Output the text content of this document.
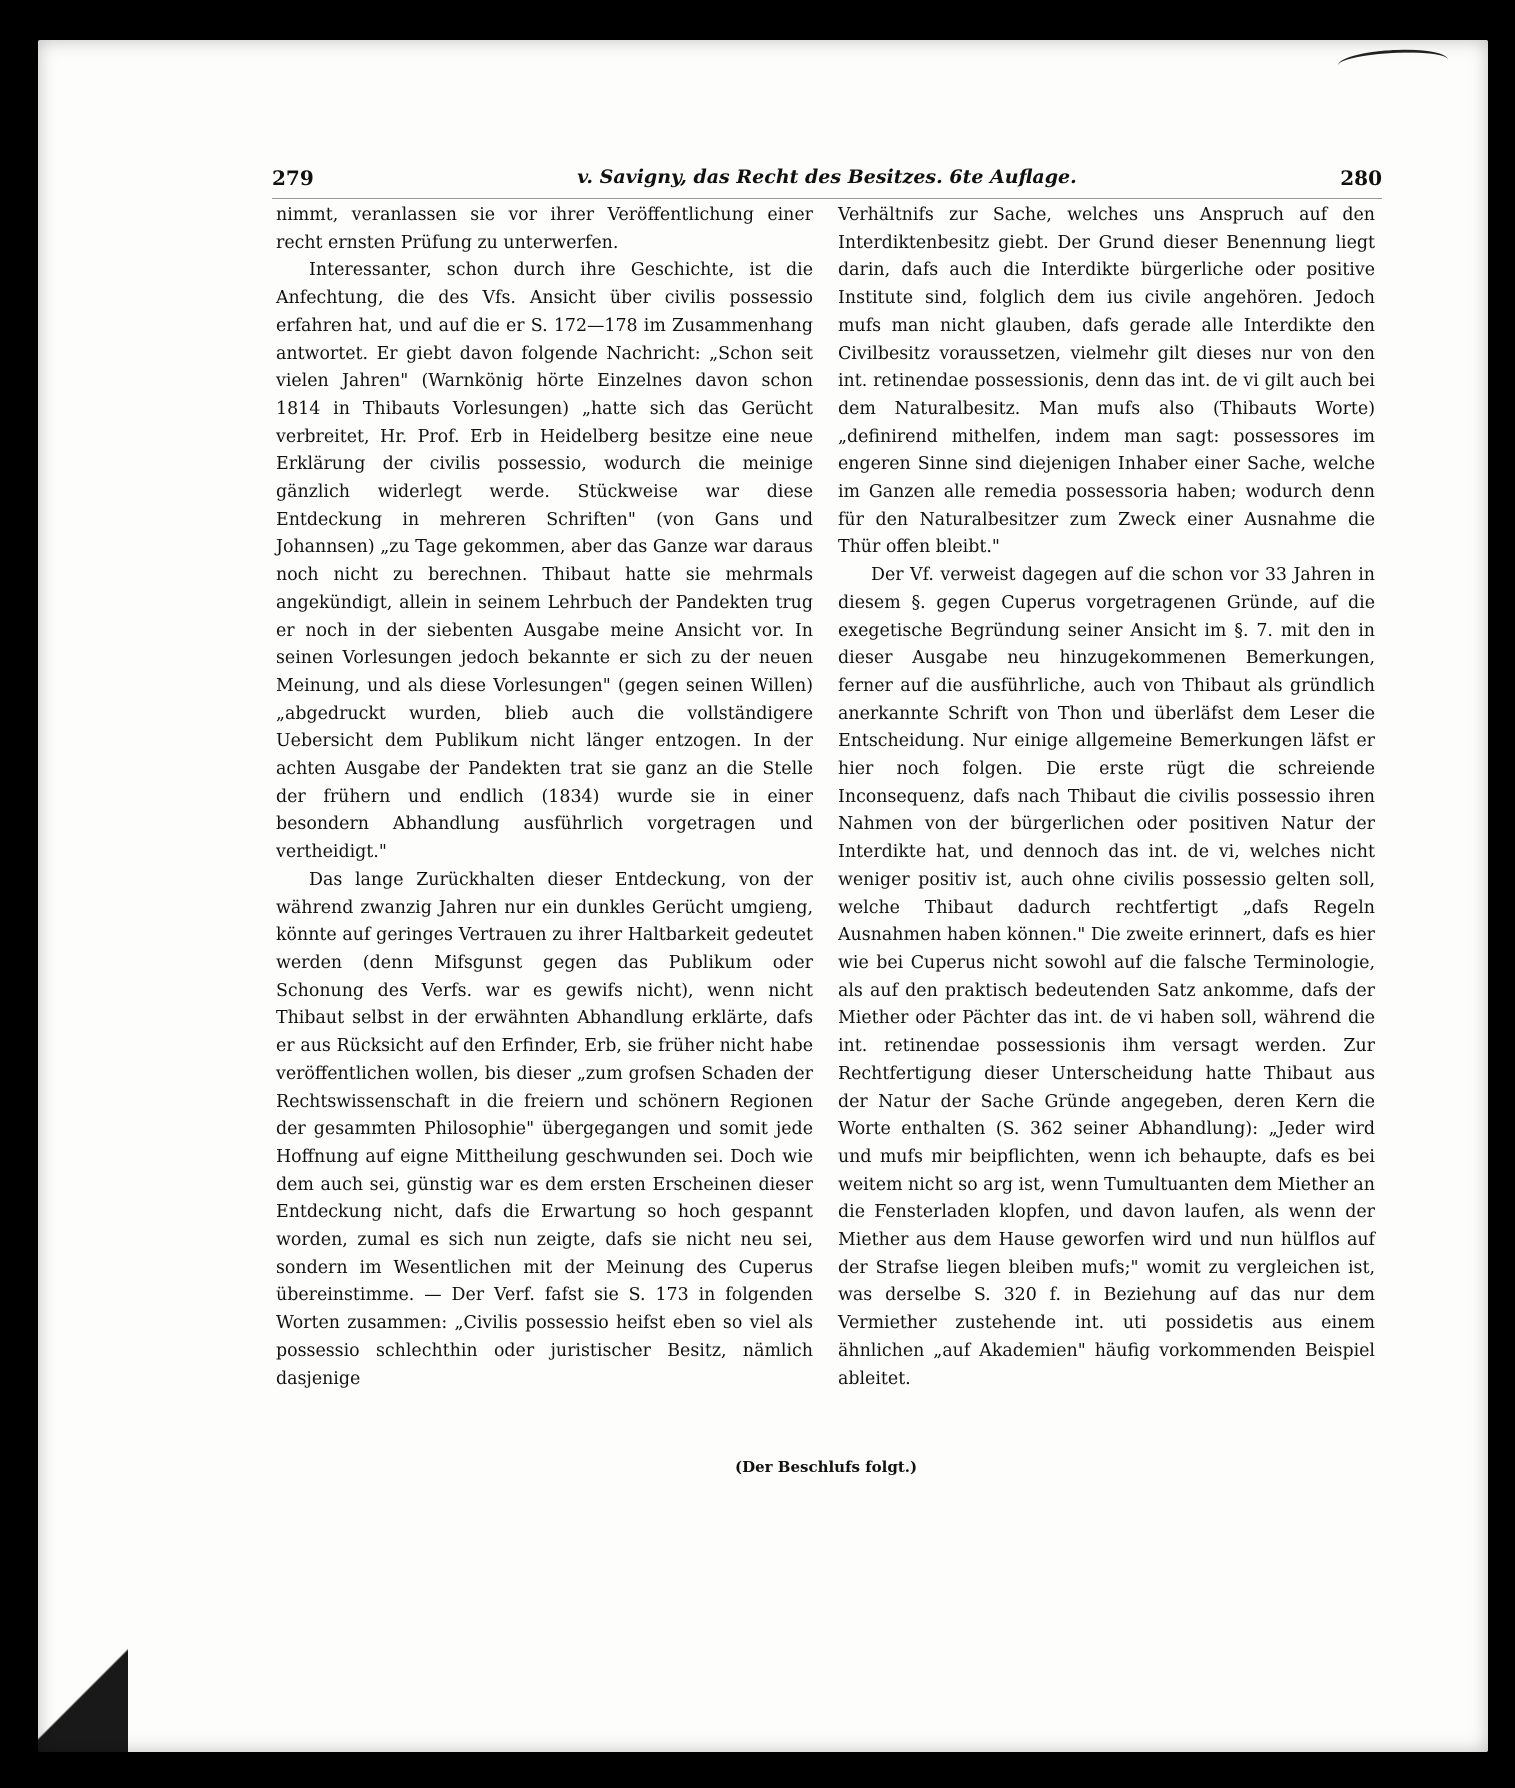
279	v. Savigny, das Recht des Besitzes. 6te Auflage.	280

nimmt, veranlassen sie vor ihrer Veröffentlichung einer recht ernsten Prüfung zu unterwerfen.

Interessanter, schon durch ihre Geschichte, ist die Anfechtung, die des Vfs. Ansicht über civilis possessio erfahren hat, und auf die er S. 172—178 im Zusammenhang antwortet. Er giebt davon folgende Nachricht: „Schon seit vielen Jahren" (Warnkönig hörte Einzelnes davon schon 1814 in Thibauts Vorlesungen) „hatte sich das Gerücht verbreitet, Hr. Prof. Erb in Heidelberg besitze eine neue Erklärung der civilis possessio, wodurch die meinige gänzlich widerlegt werde. Stückweise war diese Entdeckung in mehreren Schriften" (von Gans und Johannsen) „zu Tage gekommen, aber das Ganze war daraus noch nicht zu berechnen. Thibaut hatte sie mehrmals angekündigt, allein in seinem Lehrbuch der Pandekten trug er noch in der siebenten Ausgabe meine Ansicht vor. In seinen Vorlesungen jedoch bekannte er sich zu der neuen Meinung, und als diese Vorlesungen" (gegen seinen Willen) „abgedruckt wurden, blieb auch die vollständigere Uebersicht dem Publikum nicht länger entzogen. In der achten Ausgabe der Pandekten trat sie ganz an die Stelle der frühern und endlich (1834) wurde sie in einer besondern Abhandlung ausführlich vorgetragen und vertheidigt."

Das lange Zurückhalten dieser Entdeckung, von der während zwanzig Jahren nur ein dunkles Gerücht umgieng, könnte auf geringes Vertrauen zu ihrer Haltbarkeit gedeutet werden (denn Mifsgunst gegen das Publikum oder Schonung des Verfs. war es gewifs nicht), wenn nicht Thibaut selbst in der erwähnten Abhandlung erklärte, dafs er aus Rücksicht auf den Erfinder, Erb, sie früher nicht habe veröffentlichen wollen, bis dieser „zum grofsen Schaden der Rechtswissenschaft in die freiern und schönern Regionen der gesammten Philosophie" übergegangen und somit jede Hoffnung auf eigne Mittheilung geschwunden sei. Doch wie dem auch sei, günstig war es dem ersten Erscheinen dieser Entdeckung nicht, dafs die Erwartung so hoch gespannt worden, zumal es sich nun zeigte, dafs sie nicht neu sei, sondern im Wesentlichen mit der Meinung des Cuperus übereinstimme. — Der Verf. fafst sie S. 173 in folgenden Worten zusammen: „Civilis possessio heifst eben so viel als possessio schlechthin oder juristischer Besitz, nämlich dasjenige

Verhältnifs zur Sache, welches uns Anspruch auf den Interdiktenbesitz giebt. Der Grund dieser Benennung liegt darin, dafs auch die Interdikte bürgerliche oder positive Institute sind, folglich dem ius civile angehören. Jedoch mufs man nicht glauben, dafs gerade alle Interdikte den Civilbesitz voraussetzen, vielmehr gilt dieses nur von den int. retinendae possessionis, denn das int. de vi gilt auch bei dem Naturalbesitz. Man mufs also (Thibauts Worte) „definirend mithelfen, indem man sagt: possessores im engeren Sinne sind diejenigen Inhaber einer Sache, welche im Ganzen alle remedia possessoria haben; wodurch denn für den Naturalbesitzer zum Zweck einer Ausnahme die Thür offen bleibt."

Der Vf. verweist dagegen auf die schon vor 33 Jahren in diesem §. gegen Cuperus vorgetragenen Gründe, auf die exegetische Begründung seiner Ansicht im §. 7. mit den in dieser Ausgabe neu hinzugekommenen Bemerkungen, ferner auf die ausführliche, auch von Thibaut als gründlich anerkannte Schrift von Thon und überläfst dem Leser die Entscheidung. Nur einige allgemeine Bemerkungen läfst er hier noch folgen. Die erste rügt die schreiende Inconsequenz, dafs nach Thibaut die civilis possessio ihren Nahmen von der bürgerlichen oder positiven Natur der Interdikte hat, und dennoch das int. de vi, welches nicht weniger positiv ist, auch ohne civilis possessio gelten soll, welche Thibaut dadurch rechtfertigt „dafs Regeln Ausnahmen haben können." Die zweite erinnert, dafs es hier wie bei Cuperus nicht sowohl auf die falsche Terminologie, als auf den praktisch bedeutenden Satz ankomme, dafs der Miether oder Pächter das int. de vi haben soll, während die int. retinendae possessionis ihm versagt werden. Zur Rechtfertigung dieser Unterscheidung hatte Thibaut aus der Natur der Sache Gründe angegeben, deren Kern die Worte enthalten (S. 362 seiner Abhandlung): „Jeder wird und mufs mir beipflichten, wenn ich behaupte, dafs es bei weitem nicht so arg ist, wenn Tumultuanten dem Miether an die Fensterladen klopfen, und davon laufen, als wenn der Miether aus dem Hause geworfen wird und nun hülflos auf der Strafse liegen bleiben mufs;" womit zu vergleichen ist, was derselbe S. 320 f. in Beziehung auf das nur dem Vermiether zustehende int. uti possidetis aus einem ähnlichen „auf Akademien" häufig vorkommenden Beispiel ableitet.

(Der Beschlufs folgt.)
